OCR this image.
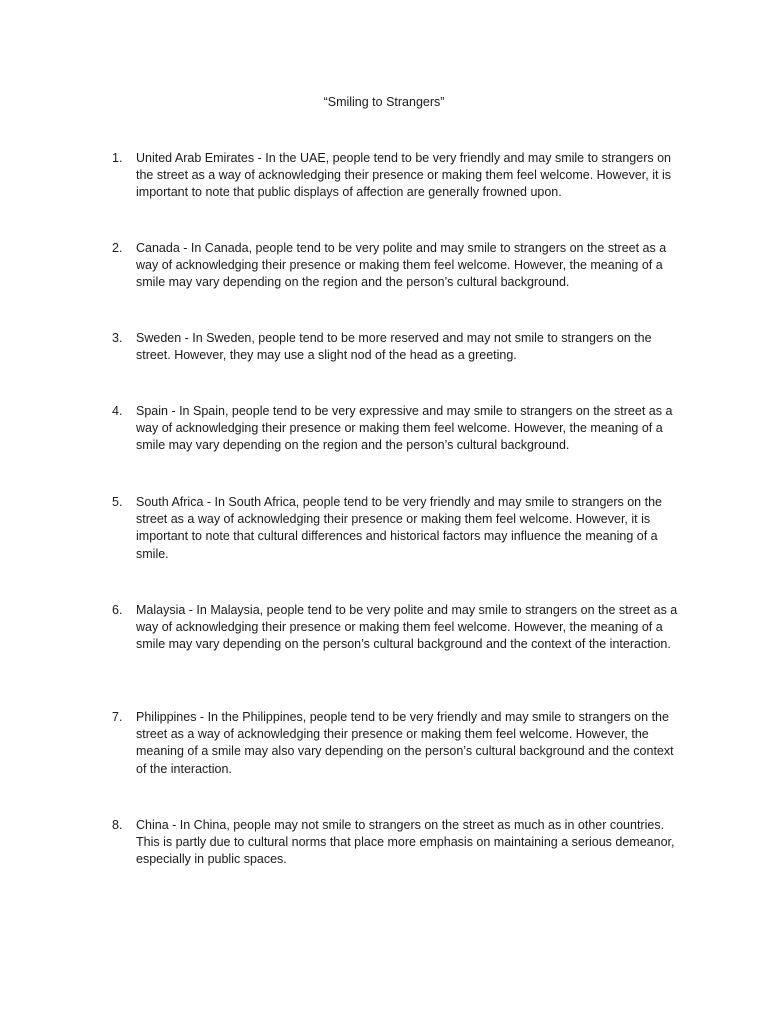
“Smiling to Strangers”
1.	United Arab Emirates - In the UAE, people tend to be very friendly and may smile to strangers on the street as a way of acknowledging their presence or making them feel welcome. However, it is important to note that public displays of affection are generally frowned upon.
2.	Canada - In Canada, people tend to be very polite and may smile to strangers on the street as a way of acknowledging their presence or making them feel welcome. However, the meaning of a smile may vary depending on the region and the person’s cultural background.
3.	Sweden - In Sweden, people tend to be more reserved and may not smile to strangers on the street. However, they may use a slight nod of the head as a greeting.
4.	Spain - In Spain, people tend to be very expressive and may smile to strangers on the street as a way of acknowledging their presence or making them feel welcome. However, the meaning of a smile may vary depending on the region and the person’s cultural background.
5.	South Africa - In South Africa, people tend to be very friendly and may smile to strangers on the street as a way of acknowledging their presence or making them feel welcome. However, it is important to note that cultural differences and historical factors may influence the meaning of a smile.
6.	Malaysia - In Malaysia, people tend to be very polite and may smile to strangers on the street as a way of acknowledging their presence or making them feel welcome. However, the meaning of a smile may vary depending on the person’s cultural background and the context of the interaction.
7.	Philippines - In the Philippines, people tend to be very friendly and may smile to strangers on the street as a way of acknowledging their presence or making them feel welcome. However, the meaning of a smile may also vary depending on the person’s cultural background and the context of the interaction.
8.	China - In China, people may not smile to strangers on the street as much as in other countries. This is partly due to cultural norms that place more emphasis on maintaining a serious demeanor, especially in public spaces.
